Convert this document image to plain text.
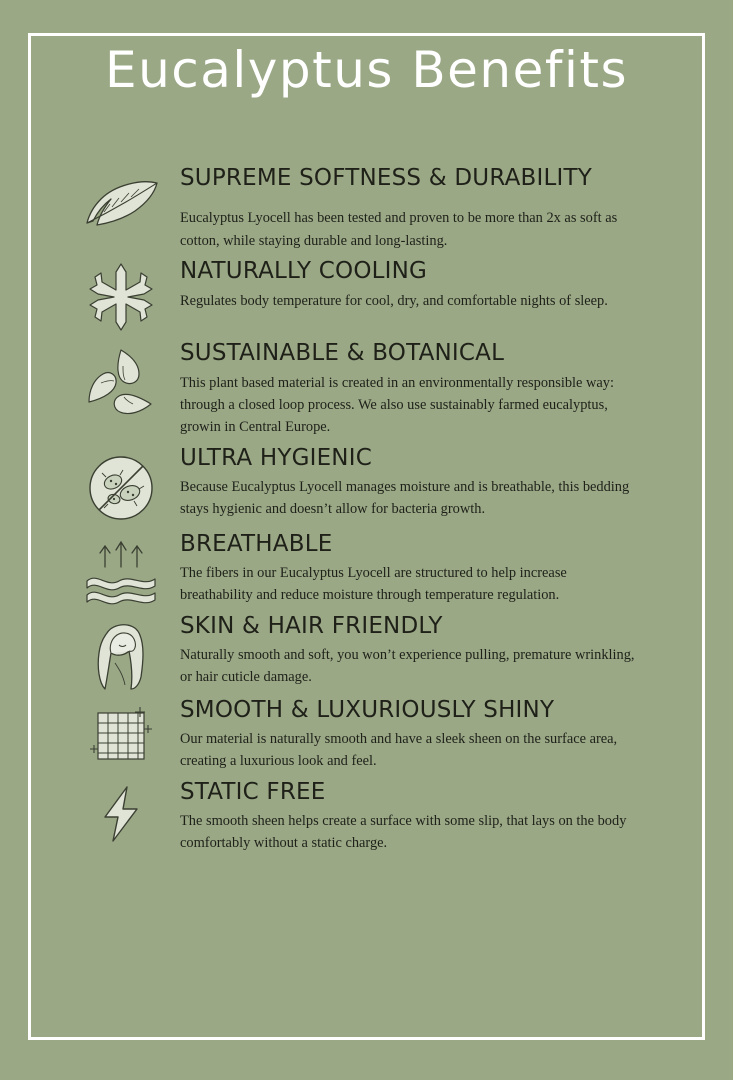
Eucalyptus Benefits
SUPREME SOFTNESS & DURABILITY

Eucalyptus Lyocell has been tested and proven to be more than 2x as soft as cotton, while staying durable and long-lasting.

NATURALLY COOLING

Regulates body temperature for cool, dry, and comfortable nights of sleep.

SUSTAINABLE & BOTANICAL

This plant based material is created in an environmentally responsible way: through a closed loop process. We also use sustainably farmed eucalyptus, growin in Central Europe.

ULTRA HYGIENIC

Because Eucalyptus Lyocell manages moisture and is breathable, this bedding stays hygienic and doesn’t allow for bacteria growth.

BREATHABLE

The fibers in our Eucalyptus Lyocell are structured to help increase breathability and reduce moisture through temperature regulation.

SKIN & HAIR FRIENDLY

Naturally smooth and soft, you won’t experience pulling, premature wrinkling, or hair cuticle damage.

SMOOTH & LUXURIOUSLY SHINY

Our material is naturally smooth and have a sleek sheen on the surface area, creating a luxurious look and feel.

STATIC FREE

The smooth sheen helps create a surface with some slip, that lays on the body comfortably without a static charge.
